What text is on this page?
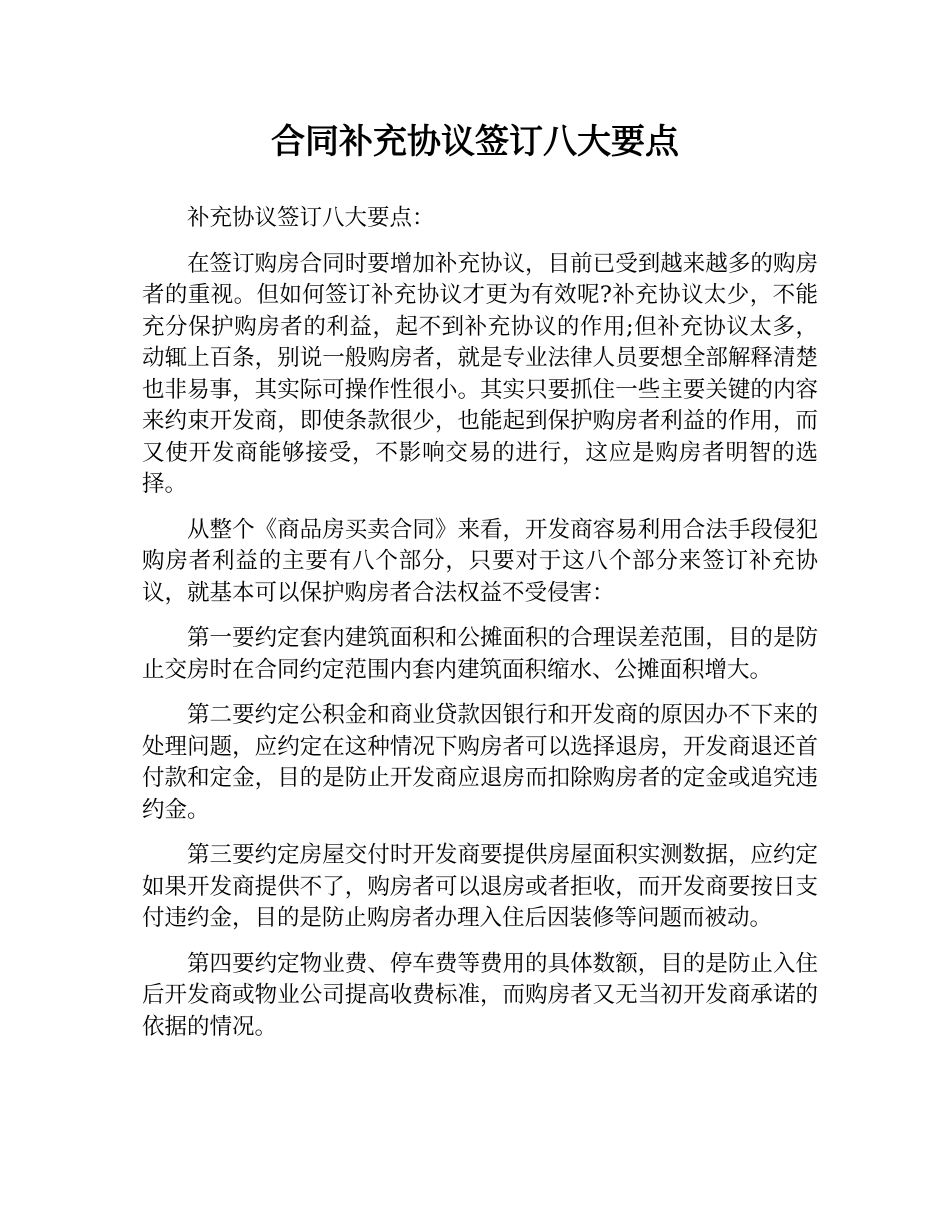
合同补充协议签订八大要点

补充协议签订八大要点：

在签订购房合同时要增加补充协议，目前已受到越来越多的购房者的重视。但如何签订补充协议才更为有效呢?补充协议太少，不能充分保护购房者的利益，起不到补充协议的作用;但补充协议太多，动辄上百条，别说一般购房者，就是专业法律人员要想全部解释清楚也非易事，其实际可操作性很小。其实只要抓住一些主要关键的内容来约束开发商，即使条款很少，也能起到保护购房者利益的作用，而又使开发商能够接受，不影响交易的进行，这应是购房者明智的选择。

从整个《商品房买卖合同》来看，开发商容易利用合法手段侵犯购房者利益的主要有八个部分，只要对于这八个部分来签订补充协议，就基本可以保护购房者合法权益不受侵害：

第一要约定套内建筑面积和公摊面积的合理误差范围，目的是防止交房时在合同约定范围内套内建筑面积缩水、公摊面积增大。

第二要约定公积金和商业贷款因银行和开发商的原因办不下来的处理问题，应约定在这种情况下购房者可以选择退房，开发商退还首付款和定金，目的是防止开发商应退房而扣除购房者的定金或追究违约金。

第三要约定房屋交付时开发商要提供房屋面积实测数据，应约定如果开发商提供不了，购房者可以退房或者拒收，而开发商要按日支付违约金，目的是防止购房者办理入住后因装修等问题而被动。

第四要约定物业费、停车费等费用的具体数额，目的是防止入住后开发商或物业公司提高收费标准，而购房者又无当初开发商承诺的依据的情况。
